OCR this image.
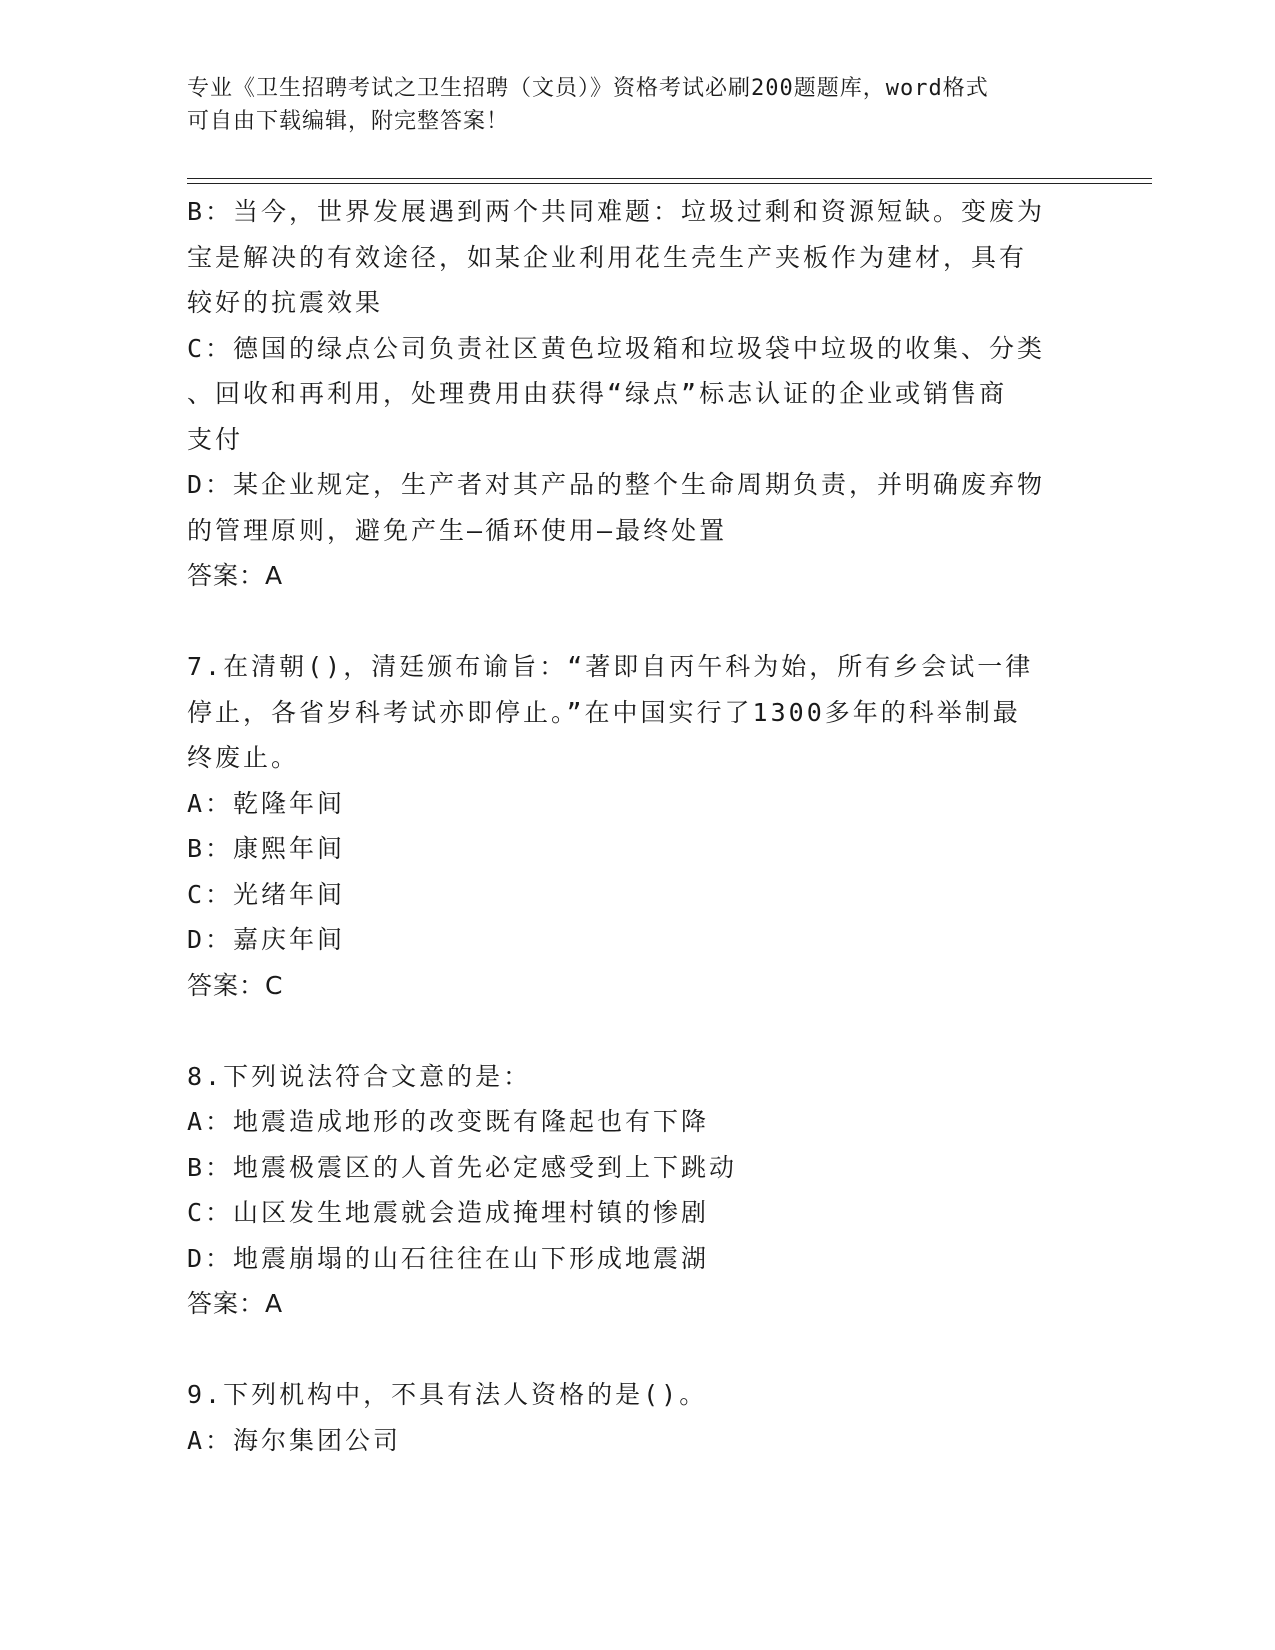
专业《卫生招聘考试之卫生招聘（文员）》资格考试必刷200题题库，word格式
可自由下载编辑，附完整答案！
B：当今，世界发展遇到两个共同难题：垃圾过剩和资源短缺。变废为
宝是解决的有效途径，如某企业利用花生壳生产夹板作为建材，具有
较好的抗震效果
C：德国的绿点公司负责社区黄色垃圾箱和垃圾袋中垃圾的收集、分类
、回收和再利用，处理费用由获得“绿点”标志认证的企业或销售商
支付
D：某企业规定，生产者对其产品的整个生命周期负责，并明确废弃物
的管理原则，避免产生—循环使用—最终处置
答案：A
7.在清朝()，清廷颁布谕旨：“著即自丙午科为始，所有乡会试一律
停止，各省岁科考试亦即停止。”在中国实行了1300多年的科举制最
终废止。
A：乾隆年间
B：康熙年间
C：光绪年间
D：嘉庆年间
答案：C
8.下列说法符合文意的是：
A：地震造成地形的改变既有隆起也有下降
B：地震极震区的人首先必定感受到上下跳动
C：山区发生地震就会造成掩埋村镇的惨剧
D：地震崩塌的山石往往在山下形成地震湖
答案：A
9.下列机构中，不具有法人资格的是()。
A：海尔集团公司
